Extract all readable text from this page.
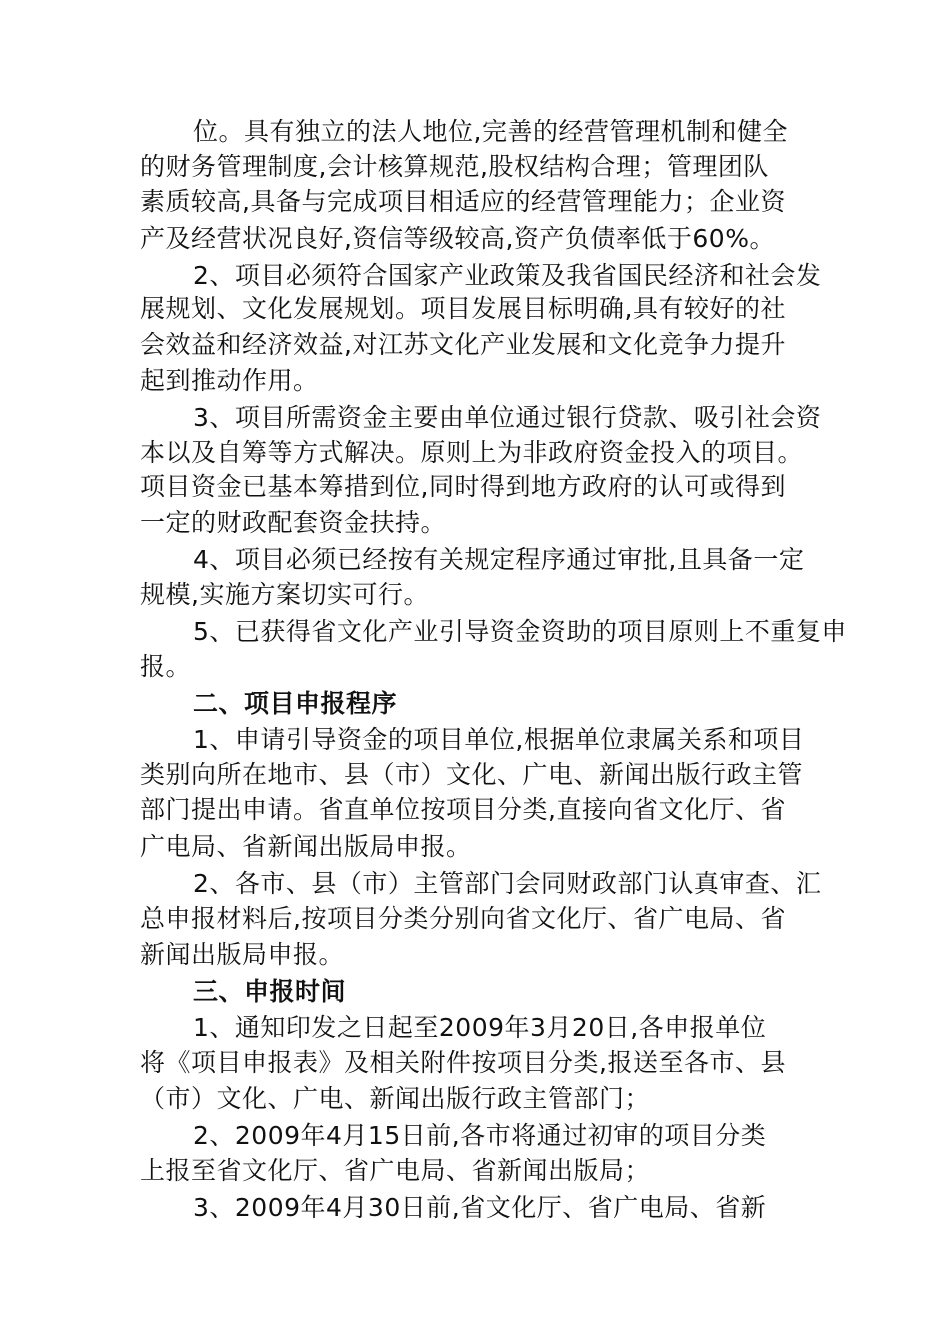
位。具有独立的法人地位,完善的经营管理机制和健全
的财务管理制度,会计核算规范,股权结构合理；管理团队
素质较高,具备与完成项目相适应的经营管理能力；企业资
产及经营状况良好,资信等级较高,资产负债率低于60%。
2、项目必须符合国家产业政策及我省国民经济和社会发
展规划、文化发展规划。项目发展目标明确,具有较好的社
会效益和经济效益,对江苏文化产业发展和文化竞争力提升
起到推动作用。
3、项目所需资金主要由单位通过银行贷款、吸引社会资
本以及自筹等方式解决。原则上为非政府资金投入的项目。
项目资金已基本筹措到位,同时得到地方政府的认可或得到
一定的财政配套资金扶持。
4、项目必须已经按有关规定程序通过审批,且具备一定
规模,实施方案切实可行。
5、已获得省文化产业引导资金资助的项目原则上不重复申
报。
二、项目申报程序
1、申请引导资金的项目单位,根据单位隶属关系和项目
类别向所在地市、县（市）文化、广电、新闻出版行政主管
部门提出申请。省直单位按项目分类,直接向省文化厅、省
广电局、省新闻出版局申报。
2、各市、县（市）主管部门会同财政部门认真审查、汇
总申报材料后,按项目分类分别向省文化厅、省广电局、省
新闻出版局申报。
三、申报时间
1、通知印发之日起至2009年3月20日,各申报单位
将《项目申报表》及相关附件按项目分类,报送至各市、县
（市）文化、广电、新闻出版行政主管部门；
2、2009年4月15日前,各市将通过初审的项目分类
上报至省文化厅、省广电局、省新闻出版局；
3、2009年4月30日前,省文化厅、省广电局、省新
